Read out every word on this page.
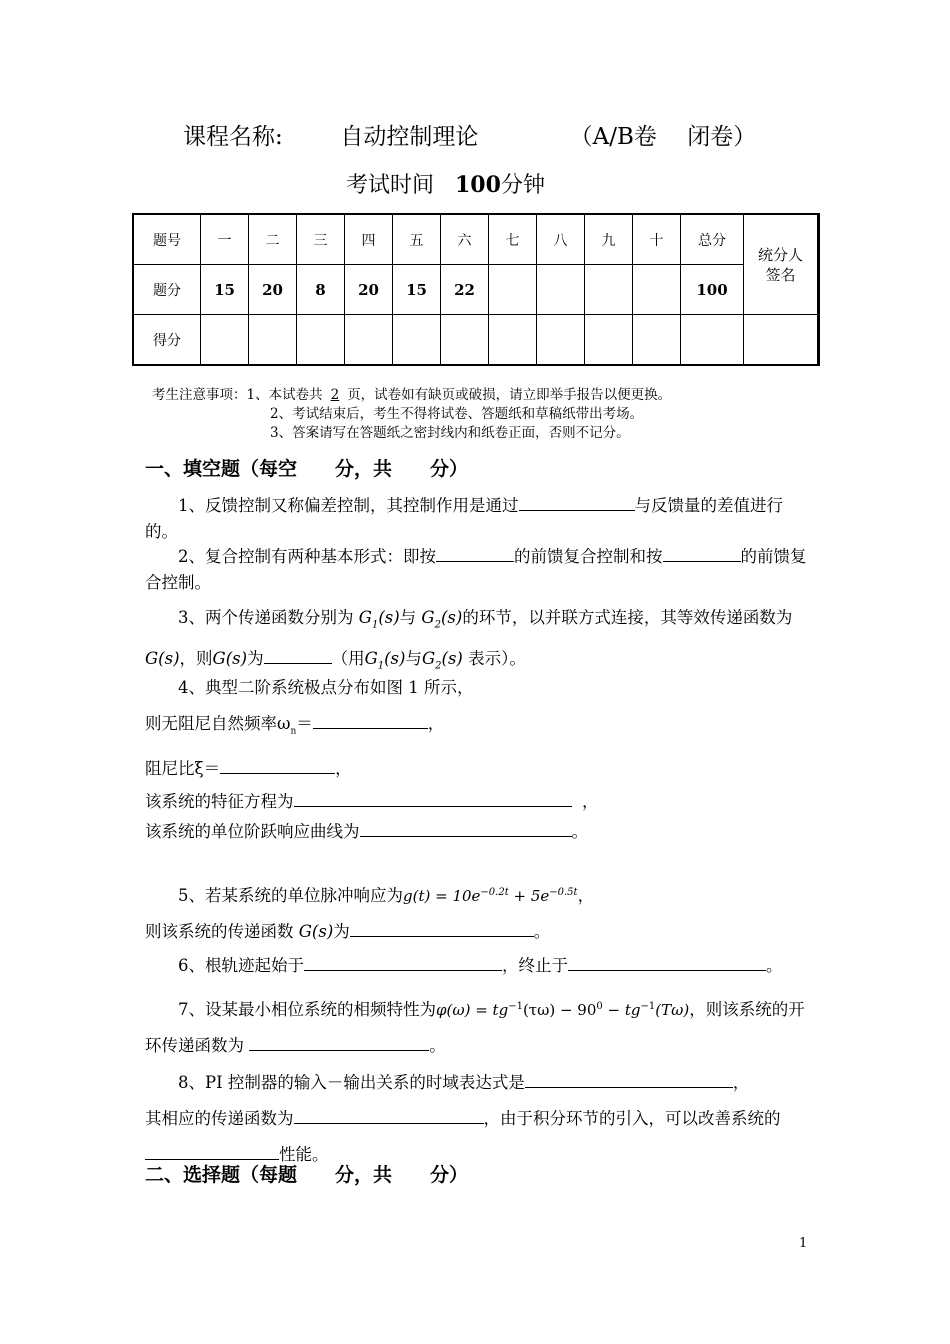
课程名称:	自动控制理论	（A/B卷　 闭卷）
考试时间 100分钟
题号	一	二	三	四	五	六	七	八	九	十	总分	统分人
签名

题分	15	20	8	20	15	22					100	
得分												
考生注意事项：1、本试卷共 2 页，试卷如有缺页或破损，请立即举手报告以便更换。
2、考试结束后，考生不得将试卷、答题纸和草稿纸带出考场。
3、答案请写在答题纸之密封线内和纸卷正面，否则不记分。
一、填空题（每空　　分，共　　分）
1、反馈控制又称偏差控制，其控制作用是通过	与反馈量的差值进行的。
2、复合控制有两种基本形式：即按	的前馈复合控制和按	的前馈复合控制。
3、两个传递函数分别为 $G_1(s)$与 $G_2(s)$的环节，以并联方式连接，其等效传递函数为G(s)，则G(s)为	（用$G_1(s)$与$G_2(s)$ 表示）。
4、典型二阶系统极点分布如图 1 所示，
则无阻尼自然频率$\omega_n=$	，
阻尼比ξ＝	，
该系统的特征方程为	，
该系统的单位阶跃响应曲线为	。
5、若某系统的单位脉冲响应为$g(t) = 10e^{-0.2t} + 5e^{-0.5t}$，
则该系统的传递函数 G(s)为	。
6、根轨迹起始于	，终止于	。
7、设某最小相位系统的相频特性为$\varphi(\omega) = tg^{-1}(\tau\omega) - 90^0 - tg^{-1}(T\omega)$，则该系统的开环传递函数为	。
8、PI 控制器的输入－输出关系的时域表达式是	，
其相应的传递函数为	，由于积分环节的引入，可以改善系统的性能。
二、选择题（每题　　分，共　　分）
1
